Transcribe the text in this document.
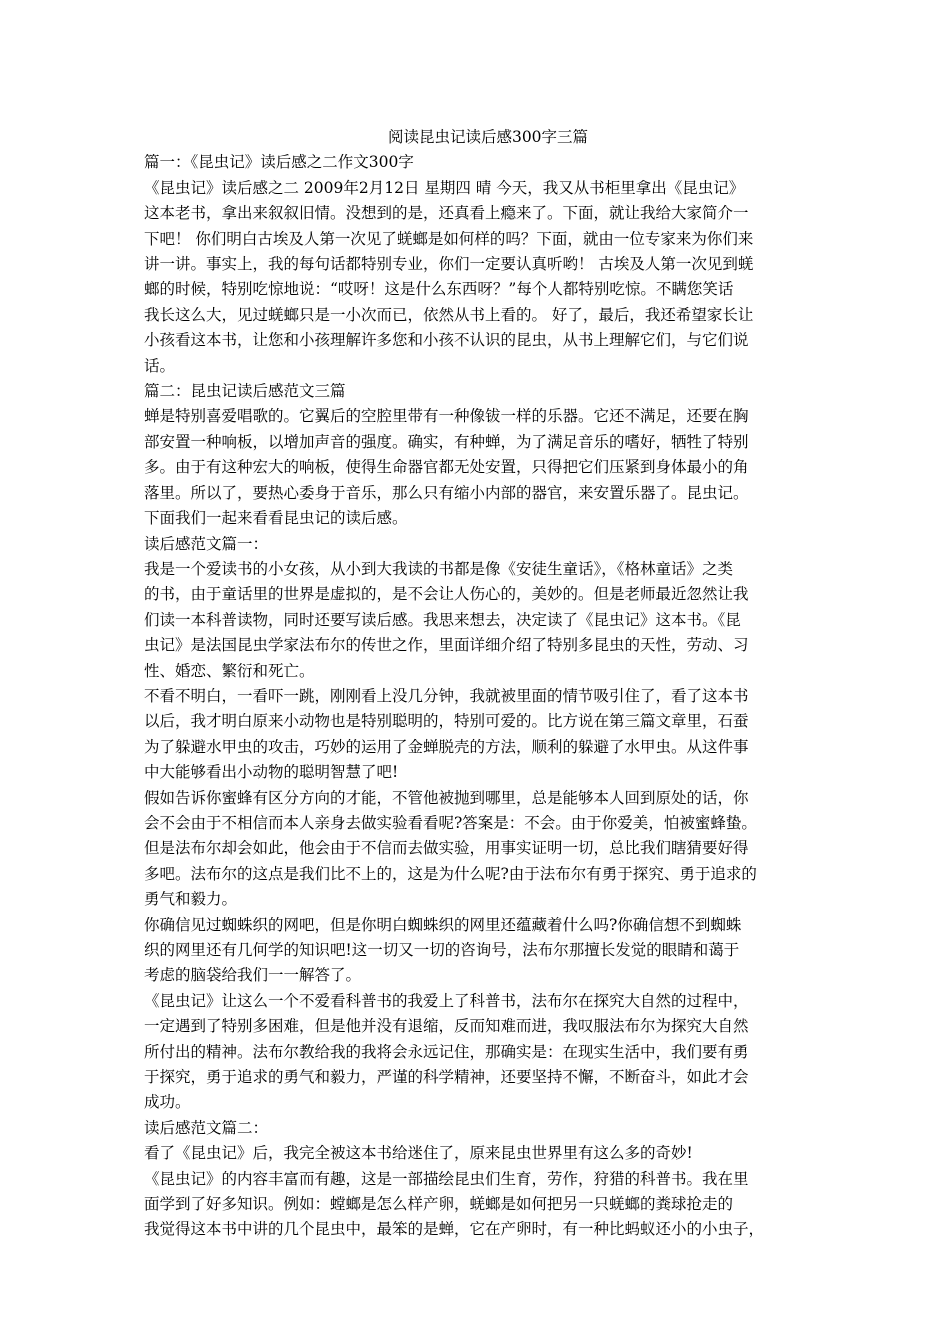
阅读昆虫记读后感300字三篇

篇一：《昆虫记》读后感之二作文300字

《昆虫记》读后感之二 2009年2月12日 星期四 晴 今天，我又从书柜里拿出《昆虫记》

这本老书，拿出来叙叙旧情。没想到的是，还真看上瘾来了。下面，就让我给大家简介一

下吧！ 你们明白古埃及人第一次见了蜣螂是如何样的吗？下面，就由一位专家来为你们来

讲一讲。事实上，我的每句话都特别专业，你们一定要认真听哟！ 古埃及人第一次见到蜣

螂的时候，特别吃惊地说：“哎呀！这是什么东西呀？”每个人都特别吃惊。不瞒您笑话

我长这么大，见过蜣螂只是一小次而已，依然从书上看的。 好了，最后，我还希望家长让

小孩看这本书，让您和小孩理解许多您和小孩不认识的昆虫，从书上理解它们，与它们说

话。

篇二：昆虫记读后感范文三篇

蝉是特别喜爱唱歌的。它翼后的空腔里带有一种像钹一样的乐器。它还不满足，还要在胸

部安置一种响板，以增加声音的强度。确实，有种蝉，为了满足音乐的嗜好，牺牲了特别

多。由于有这种宏大的响板，使得生命器官都无处安置，只得把它们压紧到身体最小的角

落里。所以了，要热心委身于音乐，那么只有缩小内部的器官，来安置乐器了。昆虫记。

下面我们一起来看看昆虫记的读后感。

读后感范文篇一：

我是一个爱读书的小女孩，从小到大我读的书都是像《安徒生童话》，《格林童话》之类

的书，由于童话里的世界是虚拟的，是不会让人伤心的，美妙的。但是老师最近忽然让我

们读一本科普读物，同时还要写读后感。我思来想去，决定读了《昆虫记》这本书。《昆

虫记》是法国昆虫学家法布尔的传世之作，里面详细介绍了特别多昆虫的天性，劳动、习

性、婚恋、繁衍和死亡。

不看不明白，一看吓一跳，刚刚看上没几分钟，我就被里面的情节吸引住了，看了这本书

以后，我才明白原来小动物也是特别聪明的，特别可爱的。比方说在第三篇文章里，石蚕

为了躲避水甲虫的攻击，巧妙的运用了金蝉脱壳的方法，顺利的躲避了水甲虫。从这件事

中大能够看出小动物的聪明智慧了吧!

假如告诉你蜜蜂有区分方向的才能，不管他被抛到哪里，总是能够本人回到原处的话，你

会不会由于不相信而本人亲身去做实验看看呢?答案是：不会。由于你爱美，怕被蜜蜂蛰。

但是法布尔却会如此，他会由于不信而去做实验，用事实证明一切，总比我们瞎猜要好得

多吧。法布尔的这点是我们比不上的，这是为什么呢?由于法布尔有勇于探究、勇于追求的

勇气和毅力。

你确信见过蜘蛛织的网吧，但是你明白蜘蛛织的网里还蕴藏着什么吗?你确信想不到蜘蛛

织的网里还有几何学的知识吧!这一切又一切的咨询号，法布尔那擅长发觉的眼睛和蔼于

考虑的脑袋给我们一一解答了。

《昆虫记》让这么一个不爱看科普书的我爱上了科普书，法布尔在探究大自然的过程中，

一定遇到了特别多困难，但是他并没有退缩，反而知难而进，我叹服法布尔为探究大自然

所付出的精神。法布尔教给我的我将会永远记住，那确实是：在现实生活中，我们要有勇

于探究，勇于追求的勇气和毅力，严谨的科学精神，还要坚持不懈，不断奋斗，如此才会

成功。

读后感范文篇二：

看了《昆虫记》后，我完全被这本书给迷住了，原来昆虫世界里有这么多的奇妙!

《昆虫记》的内容丰富而有趣，这是一部描绘昆虫们生育，劳作，狩猎的科普书。我在里

面学到了好多知识。例如：螳螂是怎么样产卵，蜣螂是如何把另一只蜣螂的粪球抢走的

我觉得这本书中讲的几个昆虫中，最笨的是蝉，它在产卵时，有一种比蚂蚁还小的小虫子，
